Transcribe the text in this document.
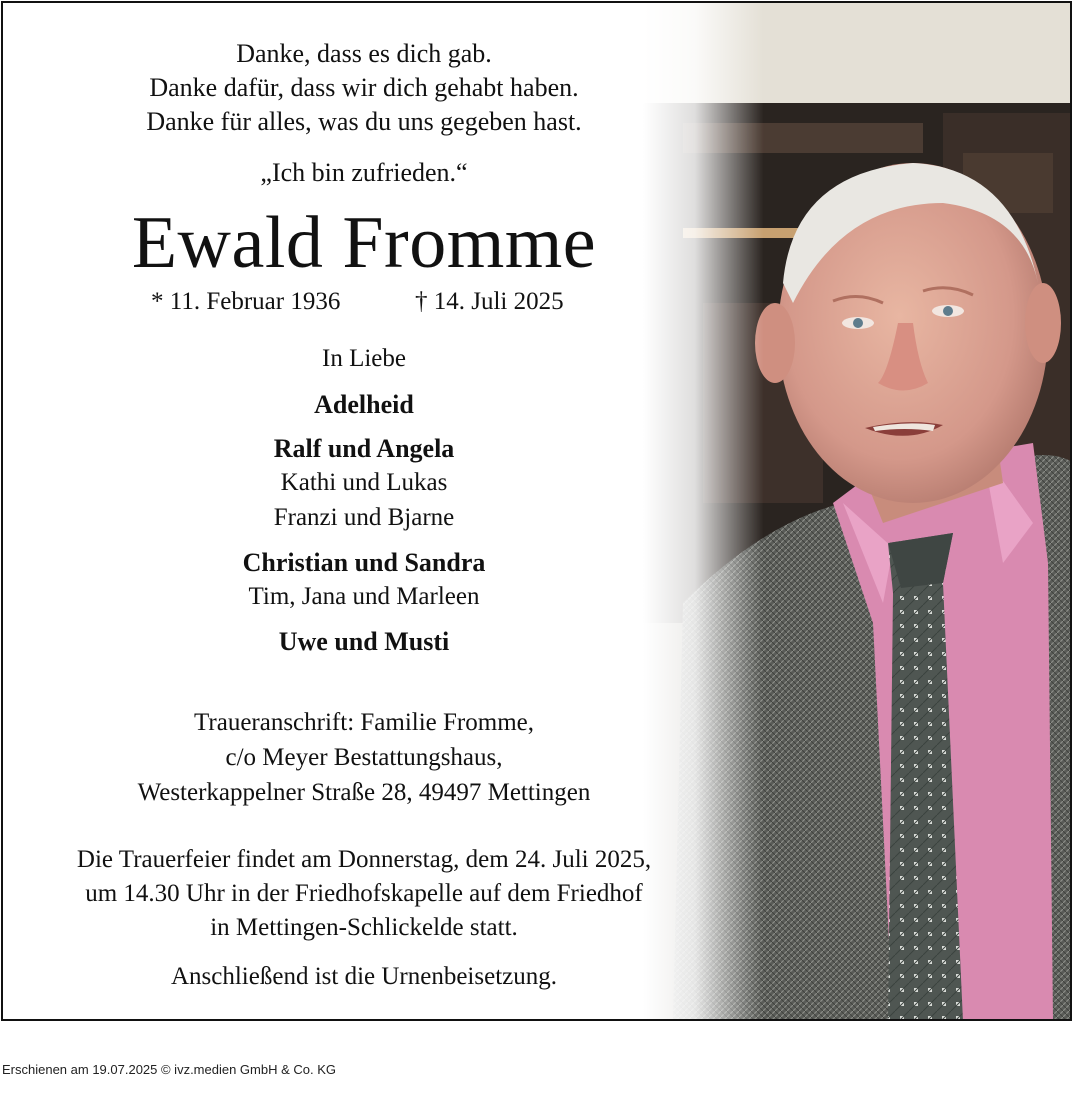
Danke, dass es dich gab.
Danke dafür, dass wir dich gehabt haben.
Danke für alles, was du uns gegeben hast.
„Ich bin zufrieden.“
Ewald Fromme
* 11. Februar 1936	† 14. Juli 2025
In Liebe
Adelheid
Ralf und Angela
Kathi und Lukas
Franzi und Bjarne
Christian und Sandra
Tim, Jana und Marleen
Uwe und Musti
Traueranschrift: Familie Fromme,
c/o Meyer Bestattungshaus,
Westerkappelner Straße 28, 49497 Mettingen
Die Trauerfeier findet am Donnerstag, dem 24. Juli 2025,
um 14.30 Uhr in der Friedhofskapelle auf dem Friedhof
in Mettingen-Schlickelde statt.
Anschließend ist die Urnenbeisetzung.
Erschienen am 19.07.2025 © ivz.medien GmbH & Co. KG
